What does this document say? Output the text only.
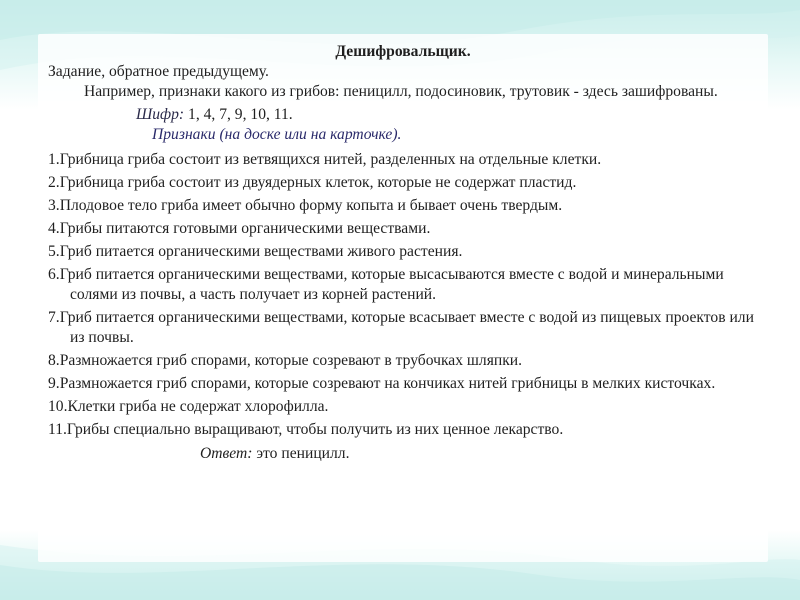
Дешифровальщик.

Задание, обратное предыдущему.

Например, признаки какого из грибов: пеницилл, подосиновик, трутовик - здесь зашифрованы.

Шифр: 1, 4, 7, 9, 10, 11.

Признаки (на доске или на карточке).

1.Грибница гриба состоит из ветвящихся нитей, разделенных на отдельные клетки.

2.Грибница гриба состоит из двуядерных клеток, которые не содержат пластид.

3.Плодовое тело гриба имеет обычно форму копыта и бывает очень твердым.

4.Грибы питаются готовыми органическими веществами.

5.Гриб питается органическими веществами живого растения.

6.Гриб питается органическими веществами, которые высасываются вместе с водой и минеральными солями из почвы, а часть получает из корней растений.

7.Гриб питается органическими веществами, которые всасывает вместе с водой из пищевых проектов или из почвы.

8.Размножается гриб спорами, которые созревают в трубочках шляпки.

9.Размножается гриб спорами, которые созревают на кончиках нитей грибницы в мелких кисточках.

10.Клетки гриба не содержат хлорофилла.

11.Грибы специально выращивают, чтобы получить из них ценное лекарство.

Ответ: это пеницилл.
